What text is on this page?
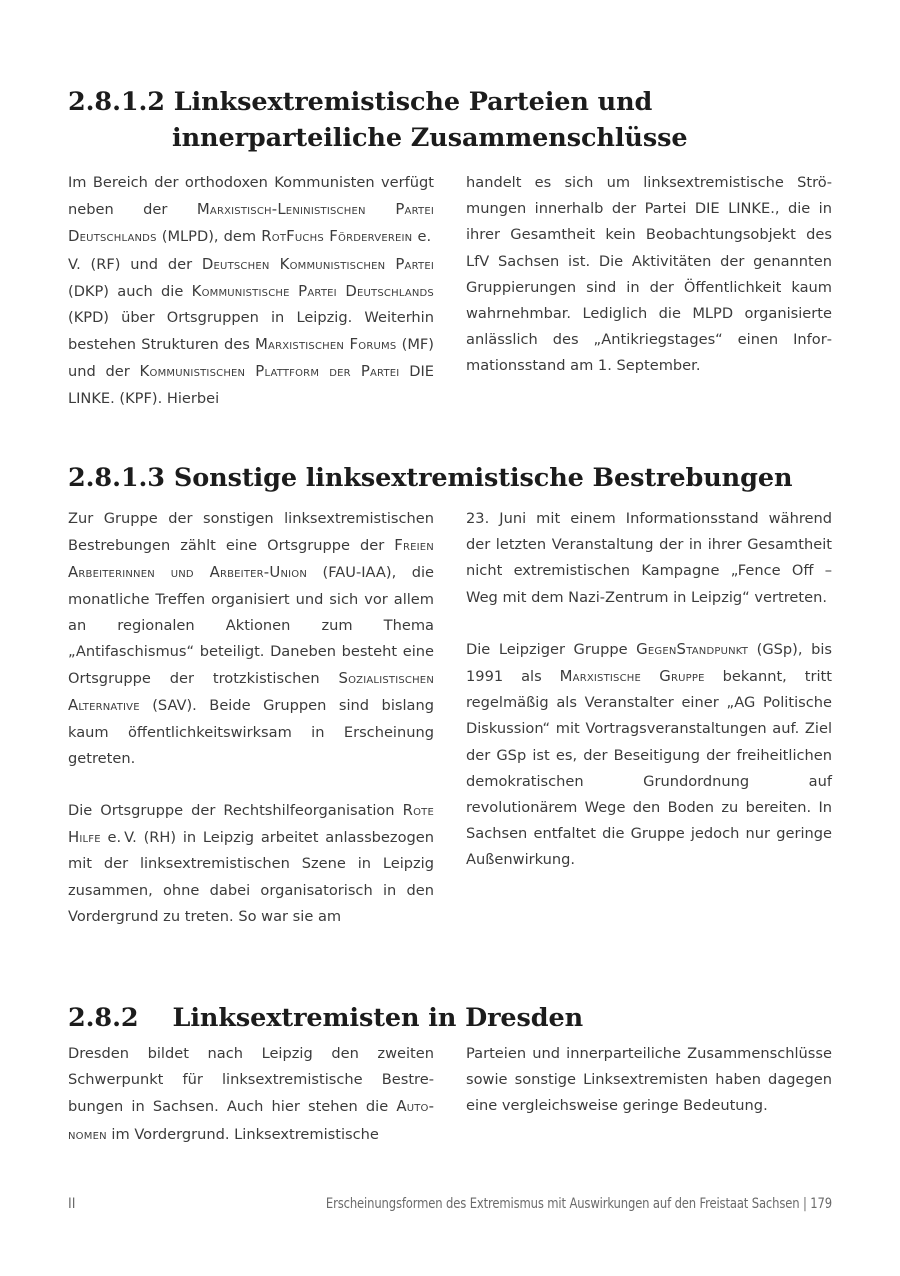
2.8.1.2 Linksextremistische Parteien und
innerparteiliche Zusammenschlüsse

Im Bereich der orthodoxen Kommunisten verfügt neben der Marxistisch-Leninistischen Partei Deutschlands (MLPD), dem RotFuchs Förderverein e. V. (RF) und der Deutschen Kommunistischen Partei (DKP) auch die Kommunistische Partei Deutschlands (KPD) über Ortsgruppen in Leipzig. Weiterhin bestehen Strukturen des Marxistischen Forums (MF) und der Kommunistischen Plattform der Partei DIE LINKE. (KPF). Hierbei

handelt es sich um linksextremistische Strömungen innerhalb der Partei DIE LINKE., die in ihrer Gesamtheit kein Beobachtungsobjekt des LfV Sachsen ist. Die Aktivitäten der genannten Gruppierungen sind in der Öffentlichkeit kaum wahrnehmbar. Lediglich die MLPD organisierte anlässlich des „Antikriegstages“ einen Informationsstand am 1. September.

2.8.1.3 Sonstige linksextremistische Bestrebungen

Zur Gruppe der sonstigen linksextremistischen Bestrebungen zählt eine Ortsgruppe der Freien Arbeiterinnen und Arbeiter-Union (FAU-IAA), die monatliche Treffen organisiert und sich vor allem an regionalen Aktionen zum Thema „Antifaschismus“ beteiligt. Daneben besteht eine Ortsgruppe der trotzkistischen Sozialistischen Alternative (SAV). Beide Gruppen sind bislang kaum öffentlichkeitswirksam in Erscheinung getreten.

Die Ortsgruppe der Rechtshilfeorganisation Rote Hilfe e. V. (RH) in Leipzig arbeitet anlassbezogen mit der linksextremistischen Szene in Leipzig zusammen, ohne dabei organisatorisch in den Vordergrund zu treten. So war sie am

23. Juni mit einem Informationsstand während der letzten Veranstaltung der in ihrer Gesamtheit nicht extremistischen Kampagne „Fence Off – Weg mit dem Nazi-Zentrum in Leipzig“ vertreten.

Die Leipziger Gruppe GegenStandpunkt (GSp), bis 1991 als Marxistische Gruppe bekannt, tritt regelmäßig als Veranstalter einer „AG Politische Diskussion“ mit Vortragsveranstaltungen auf. Ziel der GSp ist es, der Beseitigung der freiheitlichen demokratischen Grundordnung auf revolutionärem Wege den Boden zu bereiten. In Sachsen entfaltet die Gruppe jedoch nur geringe Außenwirkung.

2.8.2 Linksextremisten in Dresden

Dresden bildet nach Leipzig den zweiten Schwerpunkt für linksextremistische Bestrebungen in Sachsen. Auch hier stehen die Autonomen im Vordergrund. Linksextremistische

Parteien und innerparteiliche Zusammenschlüsse sowie sonstige Linksextremisten haben dagegen eine vergleichsweise geringe Bedeutung.

II	Erscheinungsformen des Extremismus mit Auswirkungen auf den Freistaat Sachsen | 179
